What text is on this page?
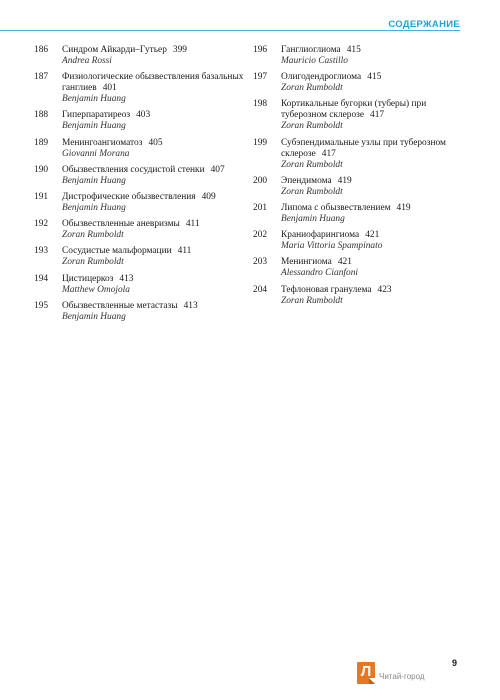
СОДЕРЖАНИЕ
186	Синдром Айкарди–Гутьер 399
Andrea Rossi
187	Физиологические обызвествления базальных ганглиев 401
Benjamin Huang
188	Гиперпаратиреоз 403
Benjamin Huang
189	Менингоангиоматоз 405
Giovanni Morana
190	Обызвествления сосудистой стенки 407
Benjamin Huang
191	Дистрофические обызвествления 409
Benjamin Huang
192	Обызвествленные аневризмы 411
Zoran Rumboldt
193	Сосудистые мальформации 411
Zoran Rumboldt
194	Цистицеркоз 413
Matthew Omojola
195	Обызвествленные метастазы 413
Benjamin Huang
196	Ганглиоглиома 415
Mauricio Castillo
197	Олигодендроглиома 415
Zoran Rumboldt
198	Кортикальные бугорки (туберы) при туберозном склерозе 417
Zoran Rumboldt
199	Субэпендимальные узлы при туберозном склерозе 417
Zoran Rumboldt
200	Эпендимома 419
Zoran Rumboldt
201	Липома с обызвествлением 419
Benjamin Huang
202	Краниофарингиома 421
Maria Vittoria Spampinato
203	Менингиома 421
Alessandro Cianfoni
204	Тефлоновая гранулема 423
Zoran Rumboldt
9
Л Читай-город
